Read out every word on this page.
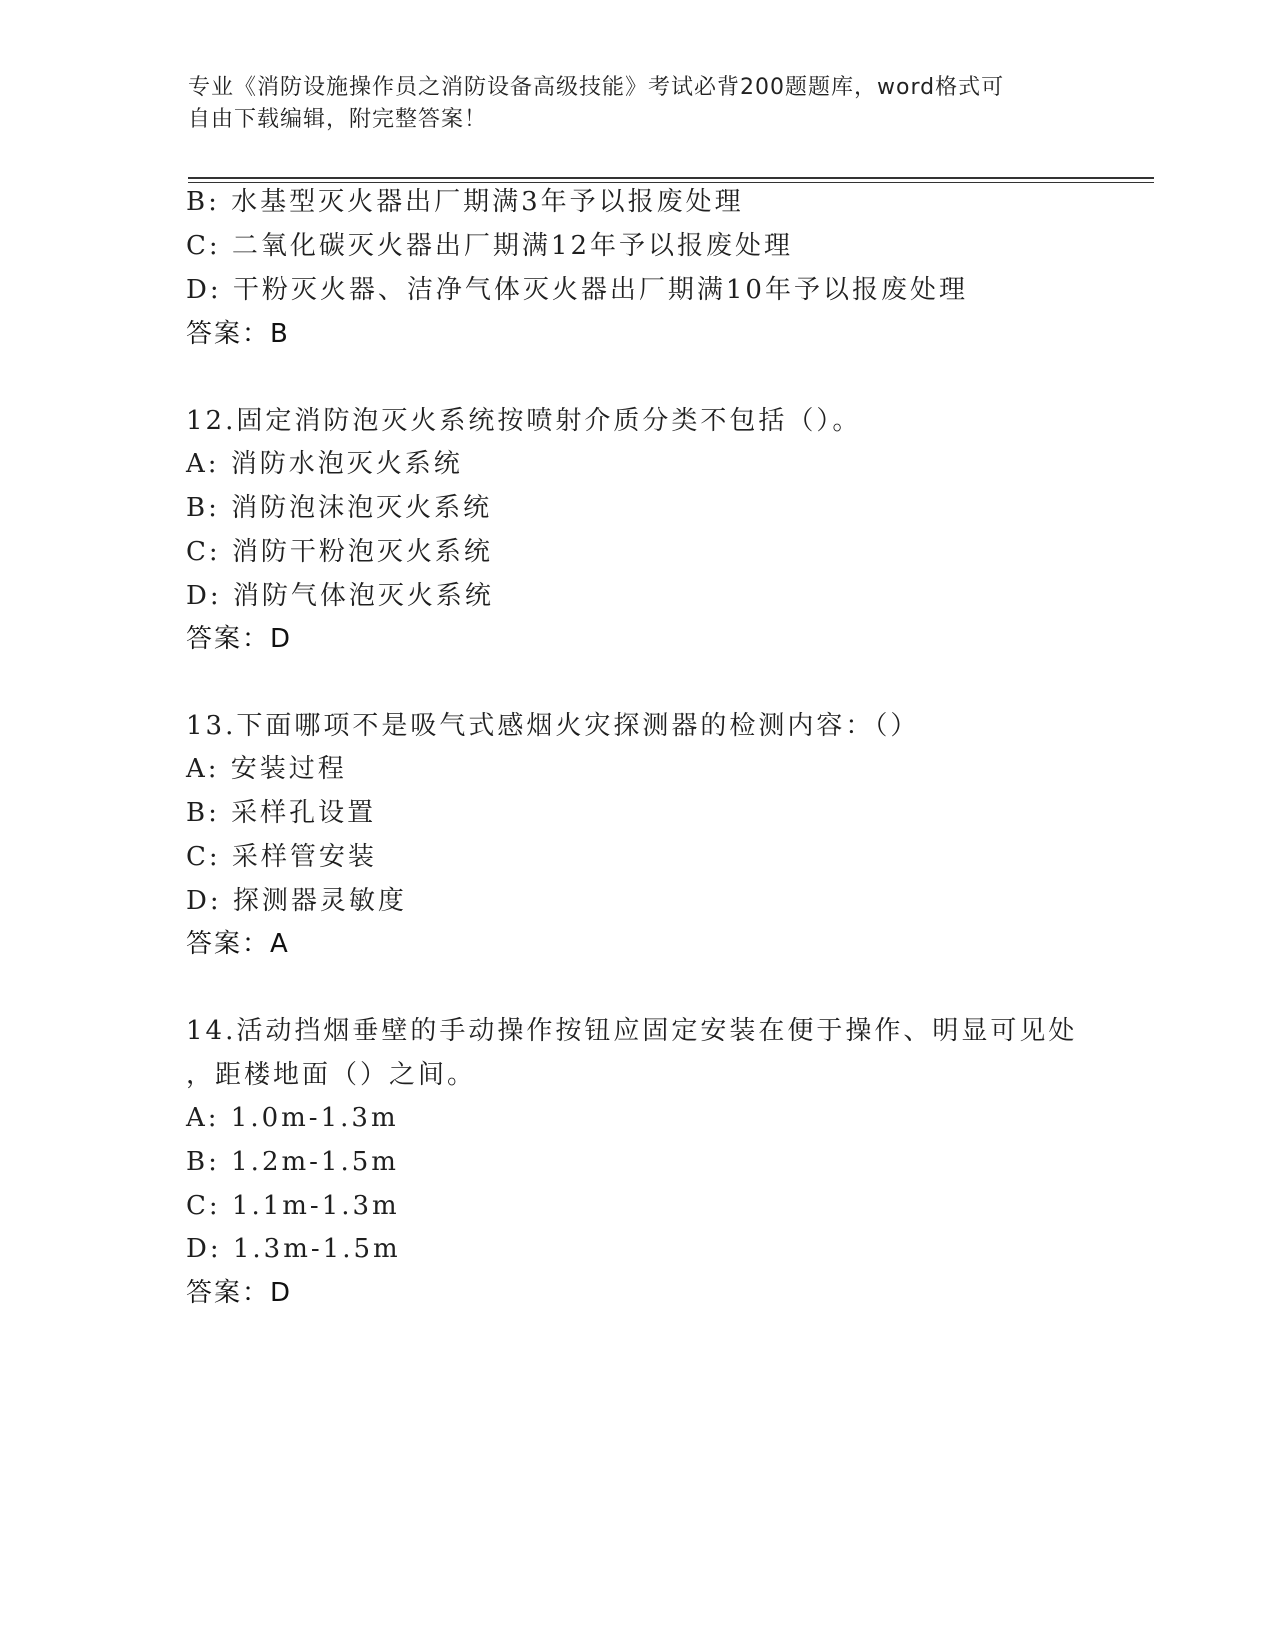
专业《消防设施操作员之消防设备高级技能》考试必背200题题库，word格式可
自由下载编辑，附完整答案！
B: 水基型灭火器出厂期满3年予以报废处理
C: 二氧化碳灭火器出厂期满12年予以报废处理
D: 干粉灭火器、洁净气体灭火器出厂期满10年予以报废处理
答案：B
12.固定消防泡灭火系统按喷射介质分类不包括（）。
A: 消防水泡灭火系统
B: 消防泡沫泡灭火系统
C: 消防干粉泡灭火系统
D: 消防气体泡灭火系统
答案：D
13.下面哪项不是吸气式感烟火灾探测器的检测内容：（）
A: 安装过程
B: 采样孔设置
C: 采样管安装
D: 探测器灵敏度
答案：A
14.活动挡烟垂壁的手动操作按钮应固定安装在便于操作、明显可见处
，距楼地面（）之间。
A: 1.0m-1.3m
B: 1.2m-1.5m
C: 1.1m-1.3m
D: 1.3m-1.5m
答案：D
